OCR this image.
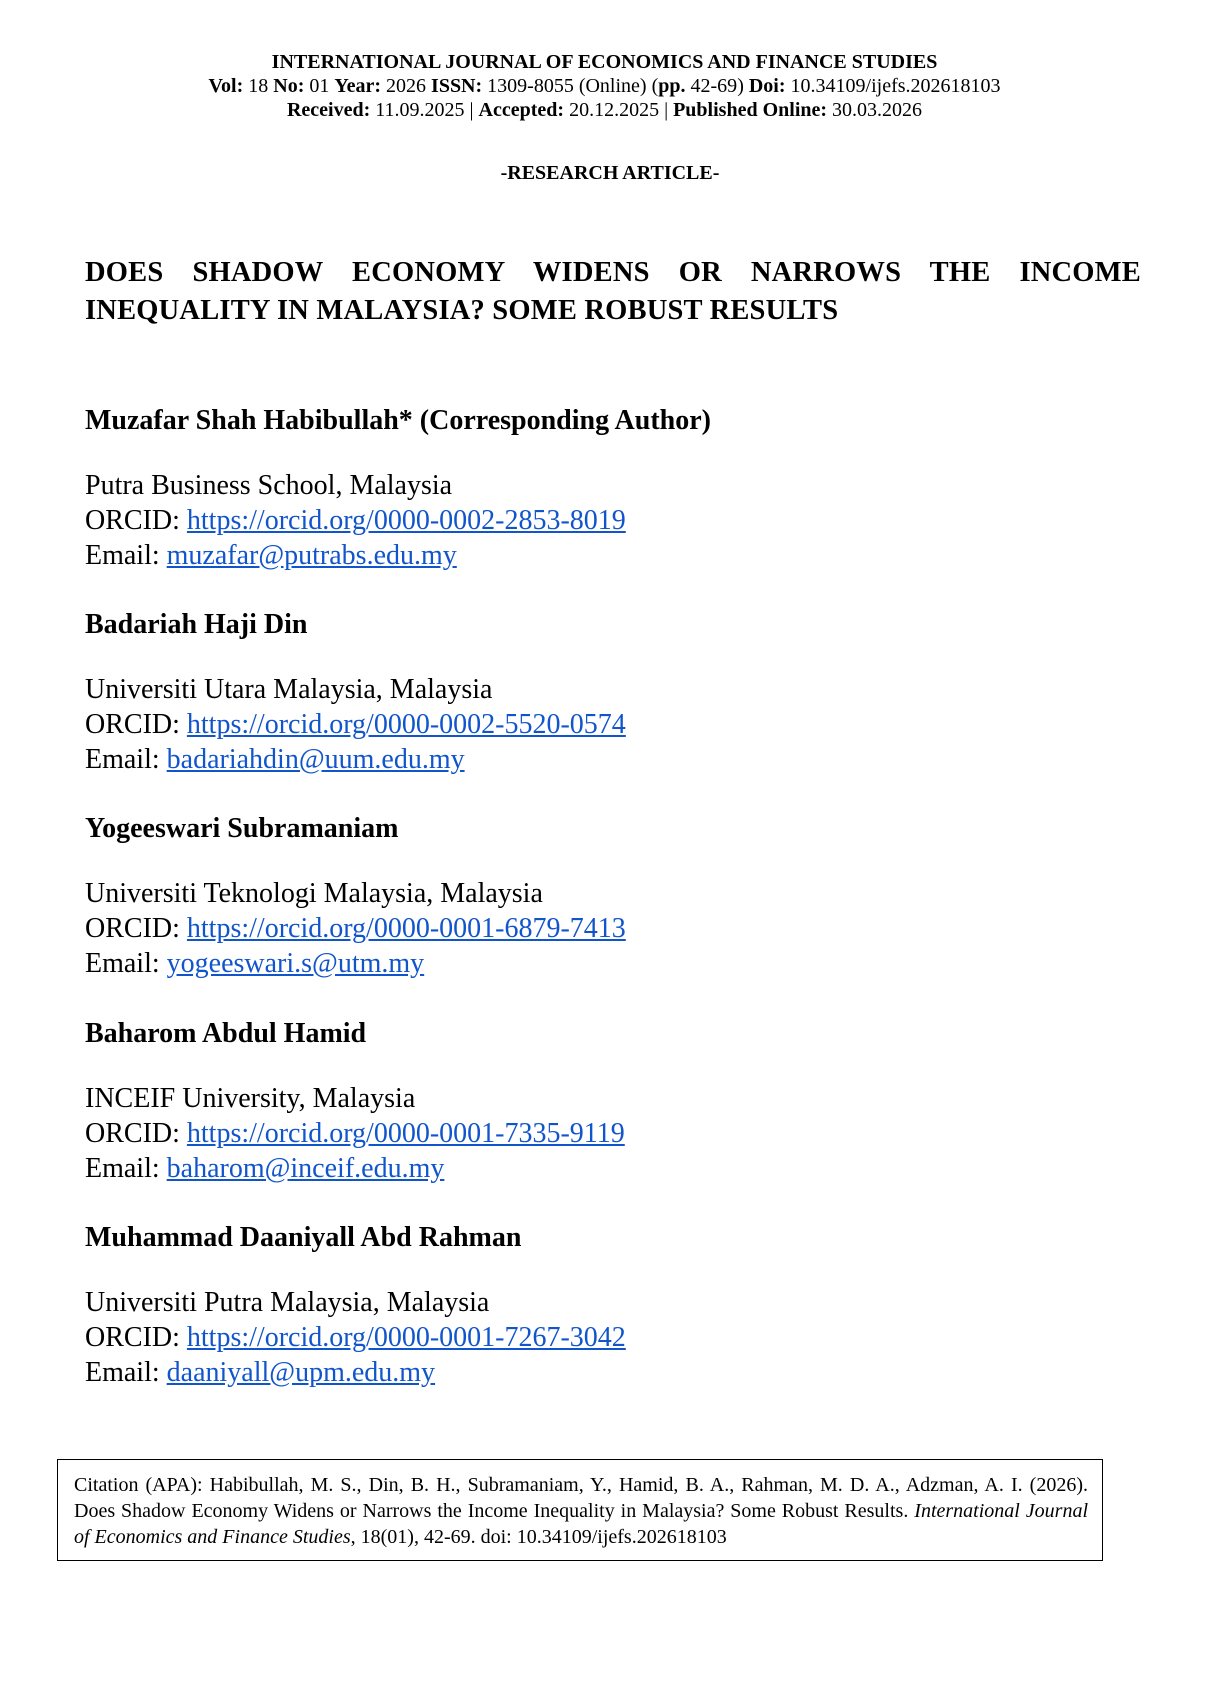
INTERNATIONAL JOURNAL OF ECONOMICS AND FINANCE STUDIES
Vol: 18 No: 01 Year: 2026 ISSN: 1309-8055 (Online) (pp. 42-69) Doi: 10.34109/ijefs.202618103
Received: 11.09.2025 | Accepted: 20.12.2025 | Published Online: 30.03.2026
-RESEARCH ARTICLE-
DOES SHADOW ECONOMY WIDENS OR NARROWS THE INCOME
INEQUALITY IN MALAYSIA? SOME ROBUST RESULTS

Muzafar Shah Habibullah* (Corresponding Author)

Putra Business School, Malaysia
ORCID: https://orcid.org/0000-0002-2853-8019
Email: muzafar@putrabs.edu.my

Badariah Haji Din

Universiti Utara Malaysia, Malaysia
ORCID: https://orcid.org/0000-0002-5520-0574
Email: badariahdin@uum.edu.my

Yogeeswari Subramaniam

Universiti Teknologi Malaysia, Malaysia
ORCID: https://orcid.org/0000-0001-6879-7413
Email: yogeeswari.s@utm.my

Baharom Abdul Hamid

INCEIF University, Malaysia
ORCID: https://orcid.org/0000-0001-7335-9119
Email: baharom@inceif.edu.my

Muhammad Daaniyall Abd Rahman

Universiti Putra Malaysia, Malaysia
ORCID: https://orcid.org/0000-0001-7267-3042
Email: daaniyall@upm.edu.my
Citation (APA): Habibullah, M. S., Din, B. H., Subramaniam, Y., Hamid, B. A., Rahman, M. D. A., Adzman, A. I. (2026). Does Shadow Economy Widens or Narrows the Income Inequality in Malaysia? Some Robust Results. International Journal of Economics and Finance Studies, 18(01), 42-69. doi: 10.34109/ijefs.202618103
